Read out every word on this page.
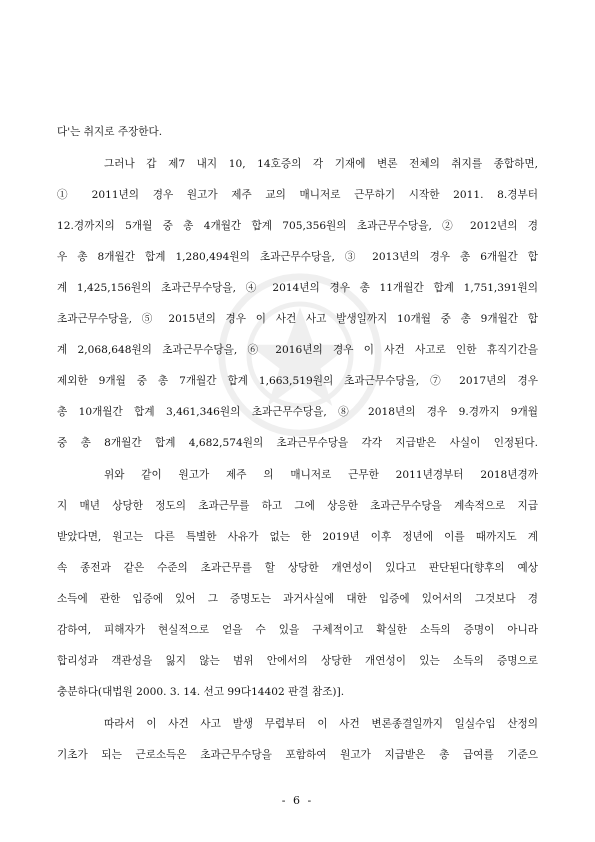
다'는 취지로 주장한다.
그러나 갑 제7 내지 10, 14호증의 각 기재에 변론 전체의 취지를 종합하면,
① 2011년의 경우 원고가 제주 교의 매니저로 근무하기 시작한 2011. 8.경부터
12.경까지의 5개월 중 총 4개월간 합계 705,356원의 초과근무수당을, ② 2012년의 경
우 총 8개월간 합계 1,280,494원의 초과근무수당을, ③ 2013년의 경우 총 6개월간 합
계 1,425,156원의 초과근무수당을, ④ 2014년의 경우 총 11개월간 합계 1,751,391원의
초과근무수당을, ⑤ 2015년의 경우 이 사건 사고 발생일까지 10개월 중 총 9개월간 합
계 2,068,648원의 초과근무수당을, ⑥ 2016년의 경우 이 사건 사고로 인한 휴직기간을
제외한 9개월 중 총 7개월간 합계 1,663,519원의 초과근무수당을, ⑦ 2017년의 경우
총 10개월간 합계 3,461,346원의 초과근무수당을, ⑧ 2018년의 경우 9.경까지 9개월
중 총 8개월간 합계 4,682,574원의 초과근무수당을 각각 지급받은 사실이 인정된다.
위와 같이 원고가 제주 의 매니저로 근무한 2011년경부터 2018년경까
지 매년 상당한 정도의 초과근무를 하고 그에 상응한 초과근무수당을 계속적으로 지급
받았다면, 원고는 다른 특별한 사유가 없는 한 2019년 이후 정년에 이를 때까지도 계
속 종전과 같은 수준의 초과근무를 할 상당한 개연성이 있다고 판단된다[향후의 예상
소득에 관한 입증에 있어 그 증명도는 과거사실에 대한 입증에 있어서의 그것보다 경
감하여, 피해자가 현실적으로 얻을 수 있을 구체적이고 확실한 소득의 증명이 아니라
합리성과 객관성을 잃지 않는 범위 안에서의 상당한 개연성이 있는 소득의 증명으로
충분하다(대법원 2000. 3. 14. 선고 99다14402 판결 참조)].
따라서 이 사건 사고 발생 무렵부터 이 사건 변론종결일까지 일실수입 산정의
기초가 되는 근로소득은 초과근무수당을 포함하여 원고가 지급받은 총 급여를 기준으
- 6 -
